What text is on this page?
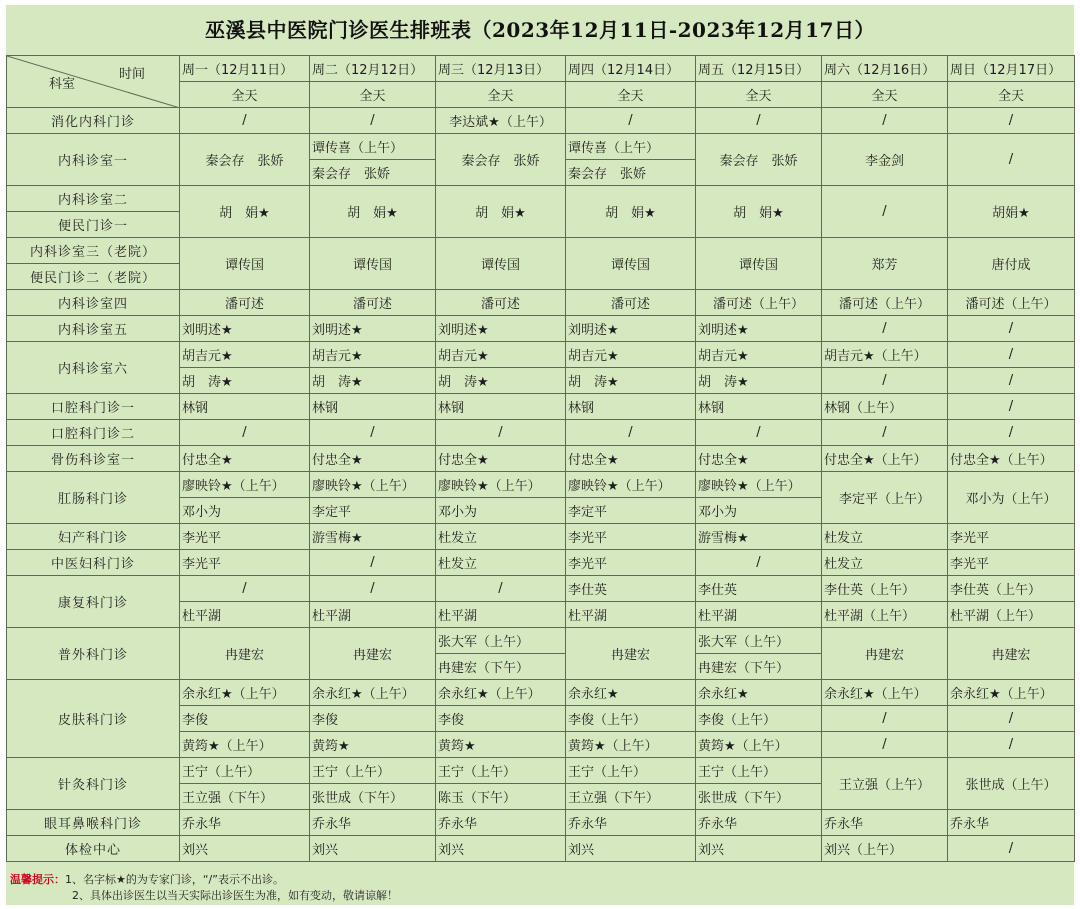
巫溪县中医院门诊医生排班表（2023年12月11日-2023年12月17日）
科室
时间	周一（12月11日）	周二（12月12日）	周三（12月13日）	周四（12月14日）	周五（12月15日）	周六（12月16日）	周日（12月17日）
	全天	全天	全天	全天	全天	全天	全天
消化内科门诊	/	/	李达斌★（上午）	/	/	/	/
内科诊室一	秦会存　张娇	谭传喜（上午）	秦会存　张娇	谭传喜（上午）	秦会存　张娇	李金剑	/
		秦会存　张娇		秦会存　张娇			
内科诊室二	胡　娟★	胡　娟★	胡　娟★	胡　娟★	胡　娟★	/	胡娟★
便民门诊一							
内科诊室三（老院）	谭传国	谭传国	谭传国	谭传国	谭传国	郑芳	唐付成
便民门诊二（老院）							
内科诊室四	潘可述	潘可述	潘可述	潘可述	潘可述（上午）	潘可述（上午）	潘可述（上午）
内科诊室五	刘明述★	刘明述★	刘明述★	刘明述★	刘明述★	/	/
内科诊室六	胡吉元★	胡吉元★	胡吉元★	胡吉元★	胡吉元★	胡吉元★（上午）	/
	胡　涛★	胡　涛★	胡　涛★	胡　涛★	胡　涛★	/	/
口腔科门诊一	林钢	林钢	林钢	林钢	林钢	林钢（上午）	/
口腔科门诊二	/	/	/	/	/	/	/
骨伤科诊室一	付忠全★	付忠全★	付忠全★	付忠全★	付忠全★	付忠全★（上午）	付忠全★（上午）
肛肠科门诊	廖映铃★（上午）	廖映铃★（上午）	廖映铃★（上午）	廖映铃★（上午）	廖映铃★（上午）	李定平（上午）	邓小为（上午）
	邓小为	李定平	邓小为	李定平	邓小为		
妇产科门诊	李光平	游雪梅★	杜发立	李光平	游雪梅★	杜发立	李光平
中医妇科门诊	李光平	/	杜发立	李光平	/	杜发立	李光平
康复科门诊	/	/	/	李仕英	李仕英	李仕英（上午）	李仕英（上午）
	杜平湖	杜平湖	杜平湖	杜平湖	杜平湖	杜平湖（上午）	杜平湖（上午）
普外科门诊	冉建宏	冉建宏	张大军（上午）	冉建宏	张大军（上午）	冉建宏	冉建宏
			冉建宏（下午）		冉建宏（下午）		
皮肤科门诊	余永红★（上午）	余永红★（上午）	余永红★（上午）	余永红★	余永红★	余永红★（上午）	余永红★（上午）
	李俊	李俊	李俊	李俊（上午）	李俊（上午）	/	/
	黄筠★（上午）	黄筠★	黄筠★	黄筠★（上午）	黄筠★（上午）	/	/
针灸科门诊	王宁（上午）	王宁（上午）	王宁（上午）	王宁（上午）	王宁（上午）	王立强（上午）	张世成（上午）
	王立强（下午）	张世成（下午）	陈玉（下午）	王立强（下午）	张世成（下午）		
眼耳鼻喉科门诊	乔永华	乔永华	乔永华	乔永华	乔永华	乔永华	乔永华
体检中心	刘兴	刘兴	刘兴	刘兴	刘兴	刘兴（上午）	/
温馨提示：1、名字标★的为专家门诊，“/”表示不出诊。
2、具体出诊医生以当天实际出诊医生为准，如有变动，敬请谅解！
